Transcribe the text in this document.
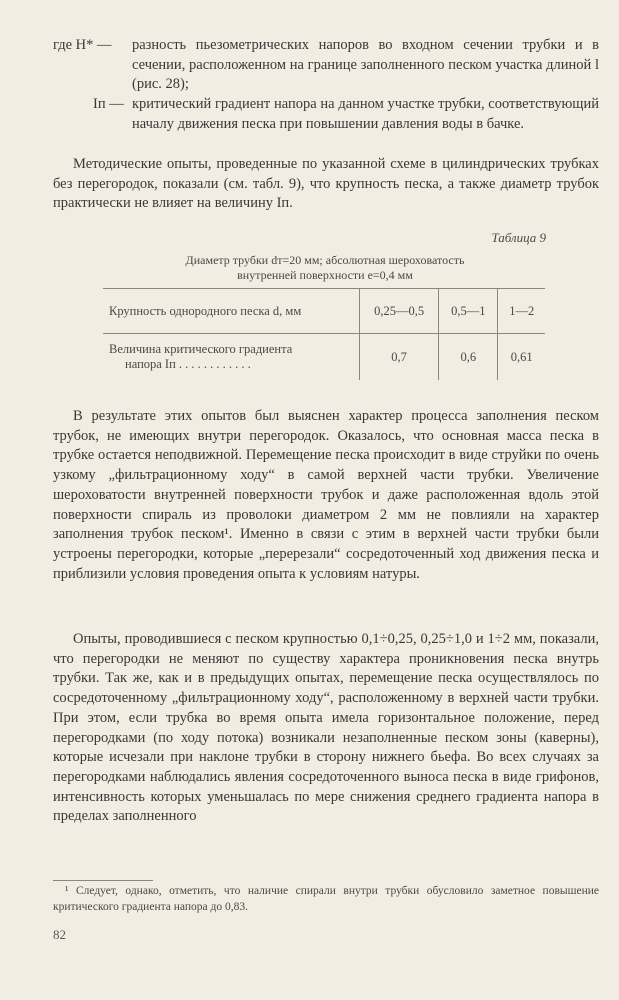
где H* —	разность пьезометрических напоров во входном сечении трубки и в сечении, расположенном на границе заполненного песком участка длиной l (рис. 28);
Iп — критический градиент напора на данном участке трубки, соответствующий началу движения песка при повышении давления воды в бачке.

Методические опыты, проведенные по указанной схеме в цилиндрических трубках без перегородок, показали (см. табл. 9), что крупность песка, а также диаметр трубок практически не влияет на величину Iп.

Таблица 9
Диаметр трубки dт=20 мм; абсолютная шероховатость
внутренней поверхности e=0,4 мм
Крупность однородного песка d, мм	0,25—0,5	0,5—1	1—2

Величина критического градиента
напора Iп . . . . . . . . . . . .	0,7	0,6	0,61

В результате этих опытов был выяснен характер процесса заполнения песком трубок, не имеющих внутри перегородок. Оказалось, что основная масса песка в трубке остается неподвижной. Перемещение песка происходит в виде струйки по очень узкому „фильтрационному ходу“ в самой верхней части трубки. Увеличение шероховатости внутренней поверхности трубок и даже расположенная вдоль этой поверхности спираль из проволоки диаметром 2 мм не повлияли на характер заполнения трубок песком¹. Именно в связи с этим в верхней части трубки были устроены перегородки, которые „перерезали“ сосредоточенный ход движения песка и приблизили условия проведения опыта к условиям натуры.

Опыты, проводившиеся с песком крупностью 0,1÷0,25, 0,25÷1,0 и 1÷2 мм, показали, что перегородки не меняют по существу характера проникновения песка внутрь трубки. Так же, как и в предыдущих опытах, перемещение песка осуществлялось по сосредоточенному „фильтрационному ходу“, расположенному в верхней части трубки. При этом, если трубка во время опыта имела горизонтальное положение, перед перегородками (по ходу потока) возникали незаполненные песком зоны (каверны), которые исчезали при наклоне трубки в сторону нижнего бьефа. Во всех случаях за перегородками наблюдались явления сосредоточенного выноса песка в виде грифонов, интенсивность которых уменьшалась по мере снижения среднего градиента напора в пределах заполненного

¹ Следует, однако, отметить, что наличие спирали внутри трубки обусловило заметное повышение критического градиента напора до 0,83.
82
